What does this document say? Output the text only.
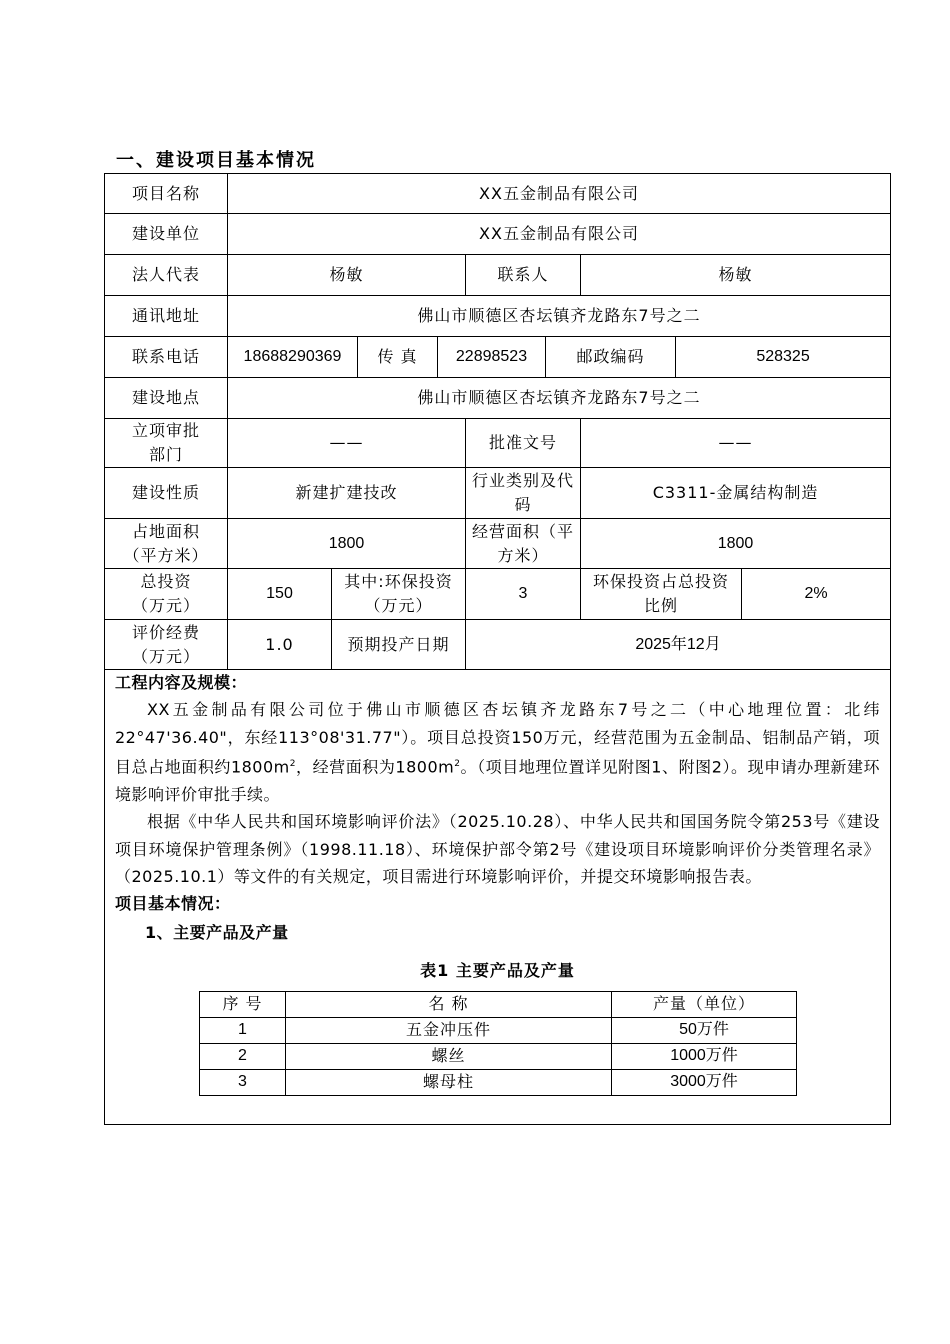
一、建设项目基本情况
项目名称	XX五金制品有限公司
建设单位	XX五金制品有限公司
法人代表	杨敏	联系人	杨敏
通讯地址	佛山市顺德区杏坛镇齐龙路东7号之二
联系电话	18688290369	传 真	22898523	邮政编码	528325
建设地点	佛山市顺德区杏坛镇齐龙路东7号之二
立项审批部门	——	批准文号	——
建设性质	新建扩建技改	行业类别及代码	C3311-金属结构制造
占地面积（平方米）	1800	经营面积（平方米）	1800
总投资（万元）	150	其中:环保投资（万元）	3	环保投资占总投资比例	2%
评价经费（万元）	1.0	预期投产日期	2025年12月

工程内容及规模：
XX五金制品有限公司位于佛山市顺德区杏坛镇齐龙路东7号之二（中心地理位置：北纬22°47'36.40"，东经113°08'31.77"）。项目总投资150万元，经营范围为五金制品、铝制品产销，项目总占地面积约$1800m^2$，经营面积为$1800m^2$。（项目地理位置详见附图1、附图2）。现申请办理新建环境影响评价审批手续。
根据《中华人民共和国环境影响评价法》（2025.10.28）、中华人民共和国国务院令第253号《建设项目环境保护管理条例》（1998.11.18）、环境保护部令第2号《建设项目环境影响评价分类管理名录》（2025.10.1）等文件的有关规定，项目需进行环境影响评价，并提交环境影响报告表。
项目基本情况：
1、主要产品及产量
表1 主要产品及产量
序 号	名 称	产量（单位）
1	五金冲压件	50万件
2	螺丝	1000万件
3	螺母柱	3000万件
